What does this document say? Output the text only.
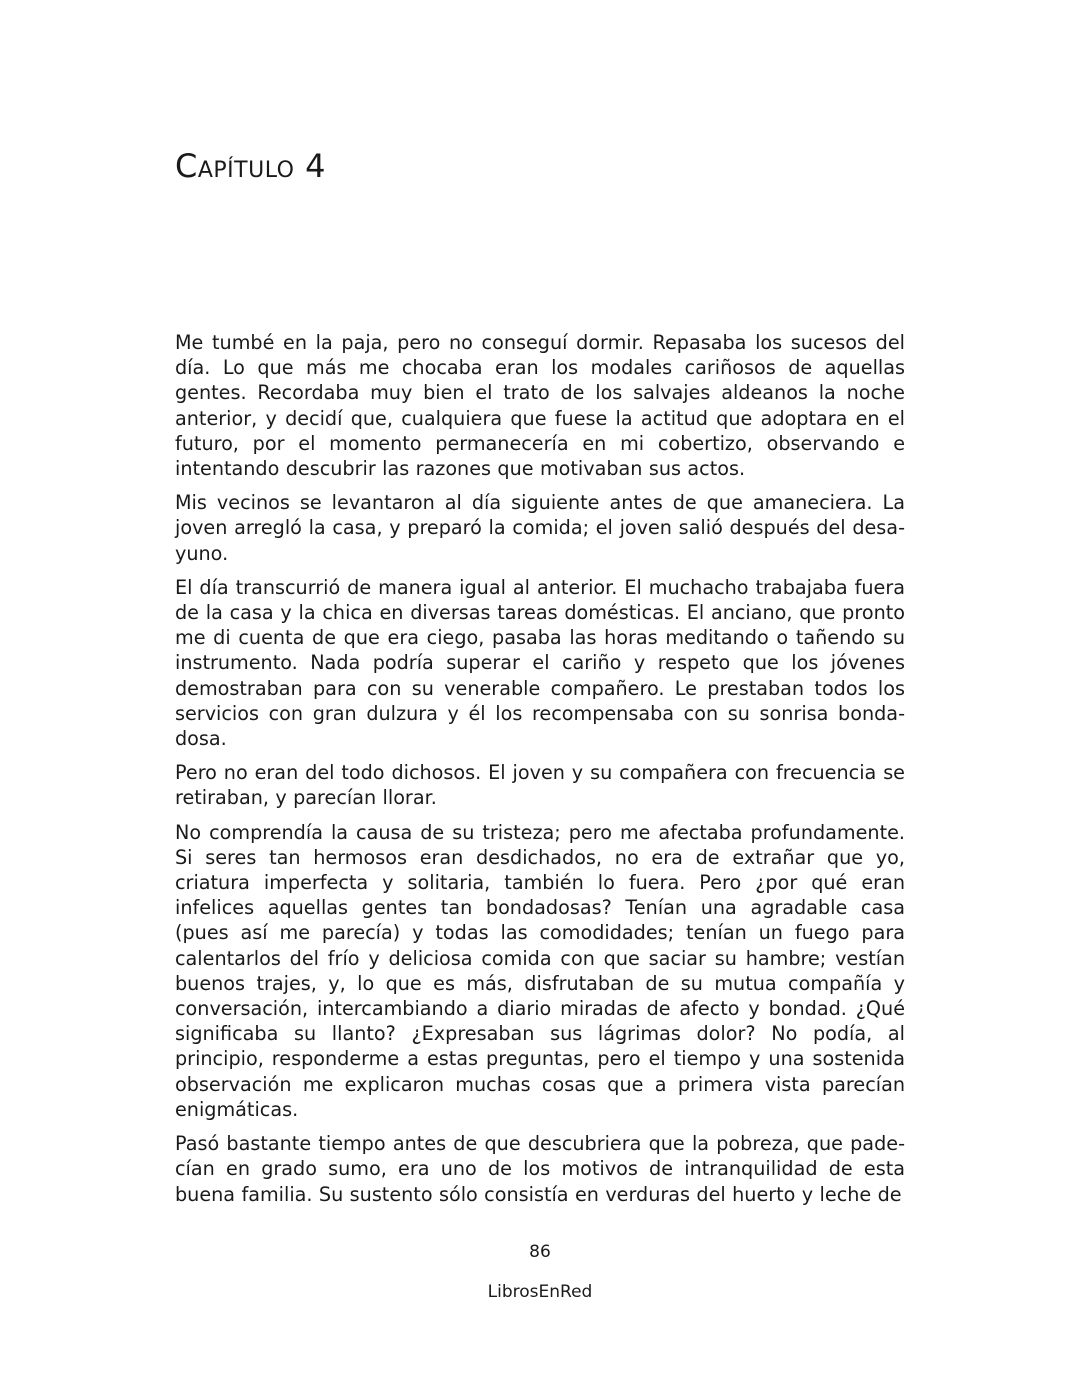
Capítulo 4

Me tumbé en la paja, pero no conseguí dormir. Repasaba los sucesos del día. Lo que más me chocaba eran los modales cariñosos de aquellas gentes. Recordaba muy bien el trato de los salvajes aldeanos la noche anterior, y decidí que, cualquiera que fuese la actitud que adoptara en el futuro, por el momento permanecería en mi cobertizo, observando e intentando descubrir las razones que motivaban sus actos.

Mis vecinos se levantaron al día siguiente antes de que amaneciera. La joven arregló la casa, y preparó la comida; el joven salió después del desayuno.

El día transcurrió de manera igual al anterior. El muchacho trabajaba fuera de la casa y la chica en diversas tareas domésticas. El anciano, que pronto me di cuenta de que era ciego, pasaba las horas meditando o tañendo su instrumento. Nada podría superar el cariño y respeto que los jóvenes demostraban para con su venerable compañero. Le prestaban todos los servicios con gran dulzura y él los recompensaba con su sonrisa bondadosa.

Pero no eran del todo dichosos. El joven y su compañera con frecuencia se retiraban, y parecían llorar.

No comprendía la causa de su tristeza; pero me afectaba profundamente. Si seres tan hermosos eran desdichados, no era de extrañar que yo, criatura imperfecta y solitaria, también lo fuera. Pero ¿por qué eran infelices aquellas gentes tan bondadosas? Tenían una agradable casa (pues así me parecía) y todas las comodidades; tenían un fuego para calentarlos del frío y deliciosa comida con que saciar su hambre; vestían buenos trajes, y, lo que es más, disfrutaban de su mutua compañía y conversación, intercambiando a diario miradas de afecto y bondad. ¿Qué significaba su llanto? ¿Expresaban sus lágrimas dolor? No podía, al principio, responderme a estas preguntas, pero el tiempo y una sostenida observación me explicaron muchas cosas que a primera vista parecían enigmáticas.

Pasó bastante tiempo antes de que descubriera que la pobreza, que padecían en grado sumo, era uno de los motivos de intranquilidad de esta buena familia. Su sustento sólo consistía en verduras del huerto y leche de

86
LibrosEnRed
